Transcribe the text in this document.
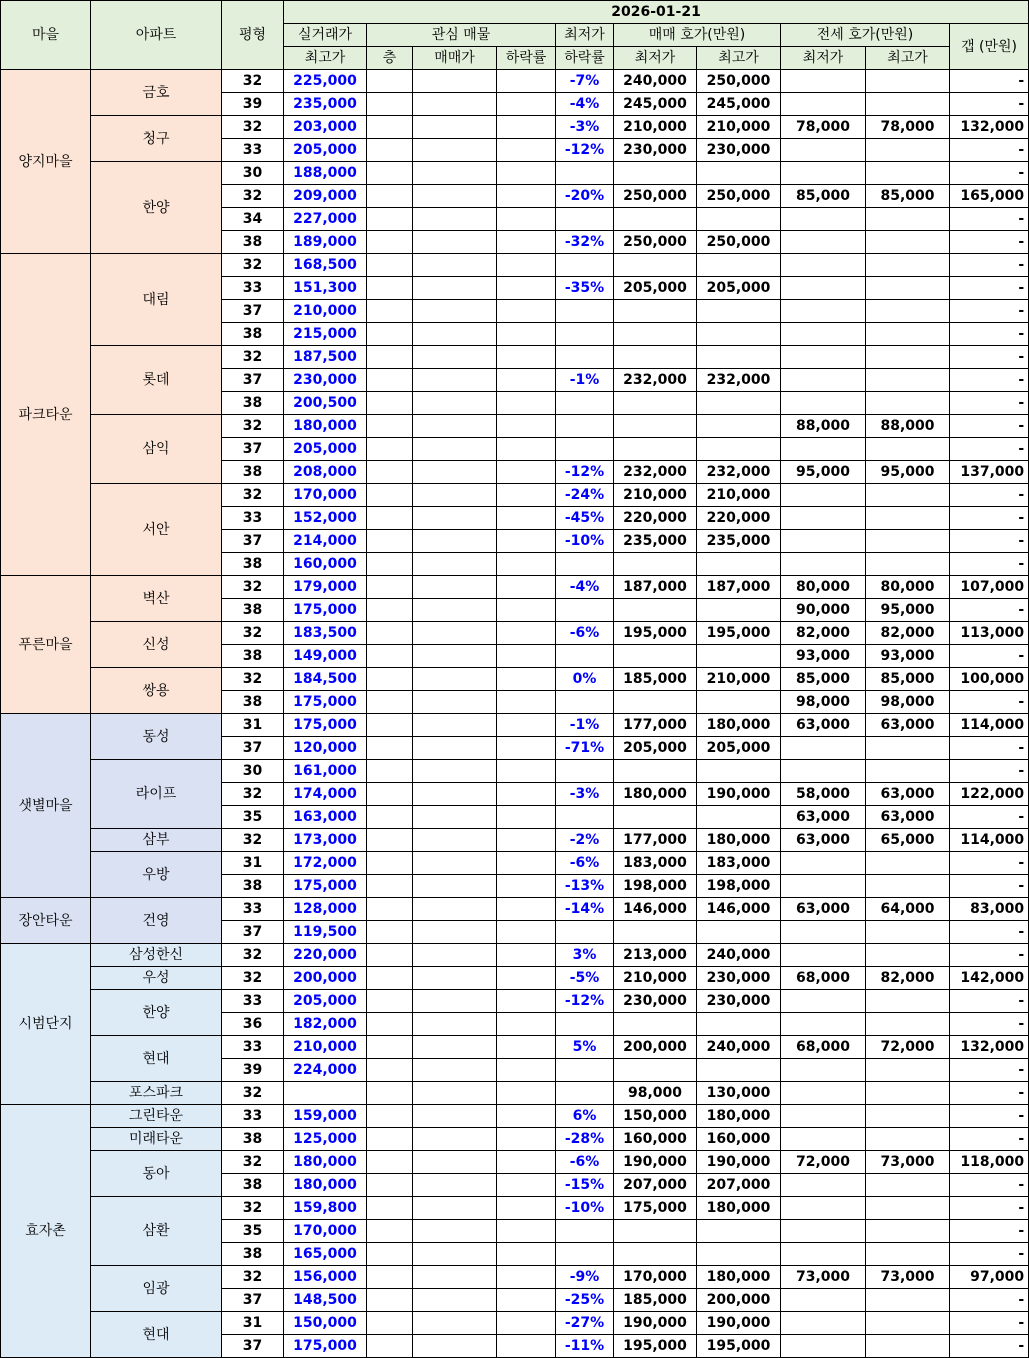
마을	아파트	평형	2026-01-21									
			실거래가	관심 매물			최저가	매매 호가(만원)		전세 호가(만원)		갭 (만원)
			최고가	층	매매가	하락률	하락률	최저가	최고가	최저가	최고가	
양지마을	금호	32	225,000				-7%	240,000	250,000			-
		39	235,000				-4%	245,000	245,000			-
	청구	32	203,000				-3%	210,000	210,000	78,000	78,000	132,000
		33	205,000				-12%	230,000	230,000			-
	한양	30	188,000									-
		32	209,000				-20%	250,000	250,000	85,000	85,000	165,000
		34	227,000									-
		38	189,000				-32%	250,000	250,000			-
파크타운	대림	32	168,500									-
		33	151,300				-35%	205,000	205,000			-
		37	210,000									-
		38	215,000									-
	롯데	32	187,500									-
		37	230,000				-1%	232,000	232,000			-
		38	200,500									-
	삼익	32	180,000							88,000	88,000	-
		37	205,000									-
		38	208,000				-12%	232,000	232,000	95,000	95,000	137,000
	서안	32	170,000				-24%	210,000	210,000			-
		33	152,000				-45%	220,000	220,000			-
		37	214,000				-10%	235,000	235,000			-
		38	160,000									-
푸른마을	벽산	32	179,000				-4%	187,000	187,000	80,000	80,000	107,000
		38	175,000							90,000	95,000	-
	신성	32	183,500				-6%	195,000	195,000	82,000	82,000	113,000
		38	149,000							93,000	93,000	-
	쌍용	32	184,500				0%	185,000	210,000	85,000	85,000	100,000
		38	175,000							98,000	98,000	-
샛별마을	동성	31	175,000				-1%	177,000	180,000	63,000	63,000	114,000
		37	120,000				-71%	205,000	205,000			-
	라이프	30	161,000									-
		32	174,000				-3%	180,000	190,000	58,000	63,000	122,000
		35	163,000							63,000	63,000	-
	삼부	32	173,000				-2%	177,000	180,000	63,000	65,000	114,000
	우방	31	172,000				-6%	183,000	183,000			-
		38	175,000				-13%	198,000	198,000			-
장안타운	건영	33	128,000				-14%	146,000	146,000	63,000	64,000	83,000
		37	119,500									-
시범단지	삼성한신	32	220,000				3%	213,000	240,000			-
	우성	32	200,000				-5%	210,000	230,000	68,000	82,000	142,000
	한양	33	205,000				-12%	230,000	230,000			-
		36	182,000									-
	현대	33	210,000				5%	200,000	240,000	68,000	72,000	132,000
		39	224,000									-
	포스파크	32						98,000	130,000			-
효자촌	그린타운	33	159,000				6%	150,000	180,000			-
	미래타운	38	125,000				-28%	160,000	160,000			-
	동아	32	180,000				-6%	190,000	190,000	72,000	73,000	118,000
		38	180,000				-15%	207,000	207,000			-
	삼환	32	159,800				-10%	175,000	180,000			-
		35	170,000									-
		38	165,000									-
	임광	32	156,000				-9%	170,000	180,000	73,000	73,000	97,000
		37	148,500				-25%	185,000	200,000			-
	현대	31	150,000				-27%	190,000	190,000			-
		37	175,000				-11%	195,000	195,000			-
